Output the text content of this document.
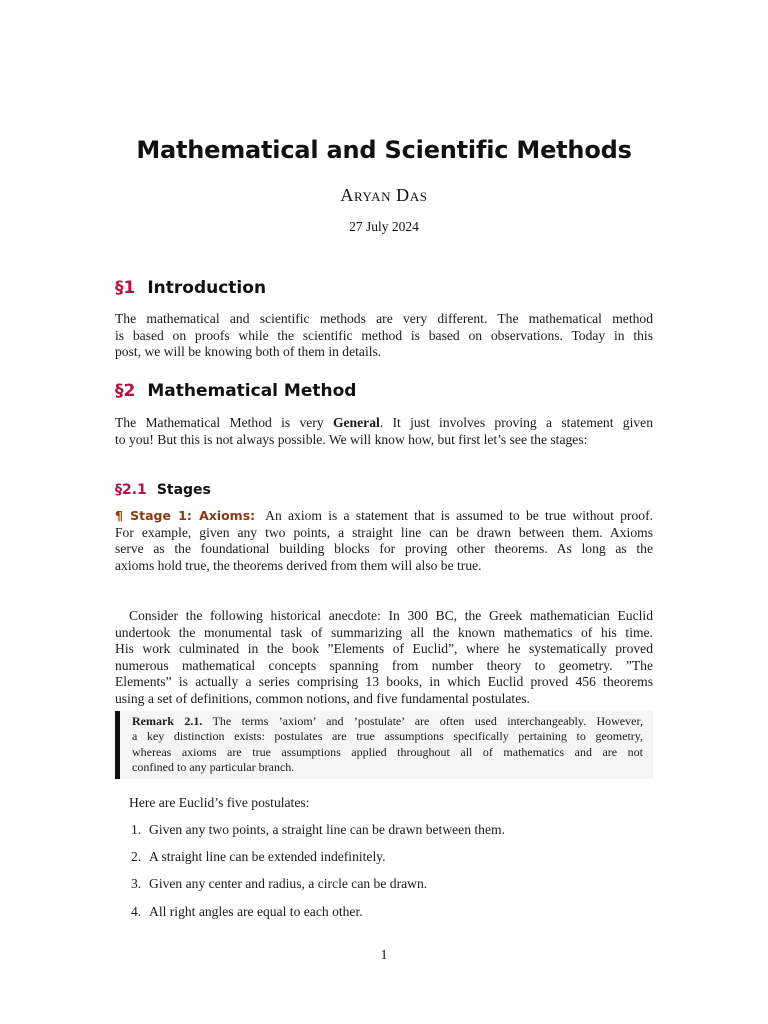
Mathematical and Scientific Methods
Aryan Das
27 July 2024
§1 Introduction
The mathematical and scientific methods are very different. The mathematical method
is based on proofs while the scientific method is based on observations. Today in this
post, we will be knowing both of them in details.
§2 Mathematical Method
The Mathematical Method is very General. It just involves proving a statement given
to you! But this is not always possible. We will know how, but first let’s see the stages:
§2.1 Stages
¶ Stage 1: Axioms: An axiom is a statement that is assumed to be true without proof.
For example, given any two points, a straight line can be drawn between them. Axioms
serve as the foundational building blocks for proving other theorems. As long as the
axioms hold true, the theorems derived from them will also be true.
Consider the following historical anecdote: In 300 BC, the Greek mathematician Euclid
undertook the monumental task of summarizing all the known mathematics of his time.
His work culminated in the book ”Elements of Euclid”, where he systematically proved
numerous mathematical concepts spanning from number theory to geometry. ”The
Elements” is actually a series comprising 13 books, in which Euclid proved 456 theorems
using a set of definitions, common notions, and five fundamental postulates.
Remark 2.1. The terms ’axiom’ and ’postulate’ are often used interchangeably. However,
a key distinction exists: postulates are true assumptions specifically pertaining to geometry,
whereas axioms are true assumptions applied throughout all of mathematics and are not
confined to any particular branch.
Here are Euclid’s five postulates:
1. Given any two points, a straight line can be drawn between them.
2. A straight line can be extended indefinitely.
3. Given any center and radius, a circle can be drawn.
4. All right angles are equal to each other.
1
